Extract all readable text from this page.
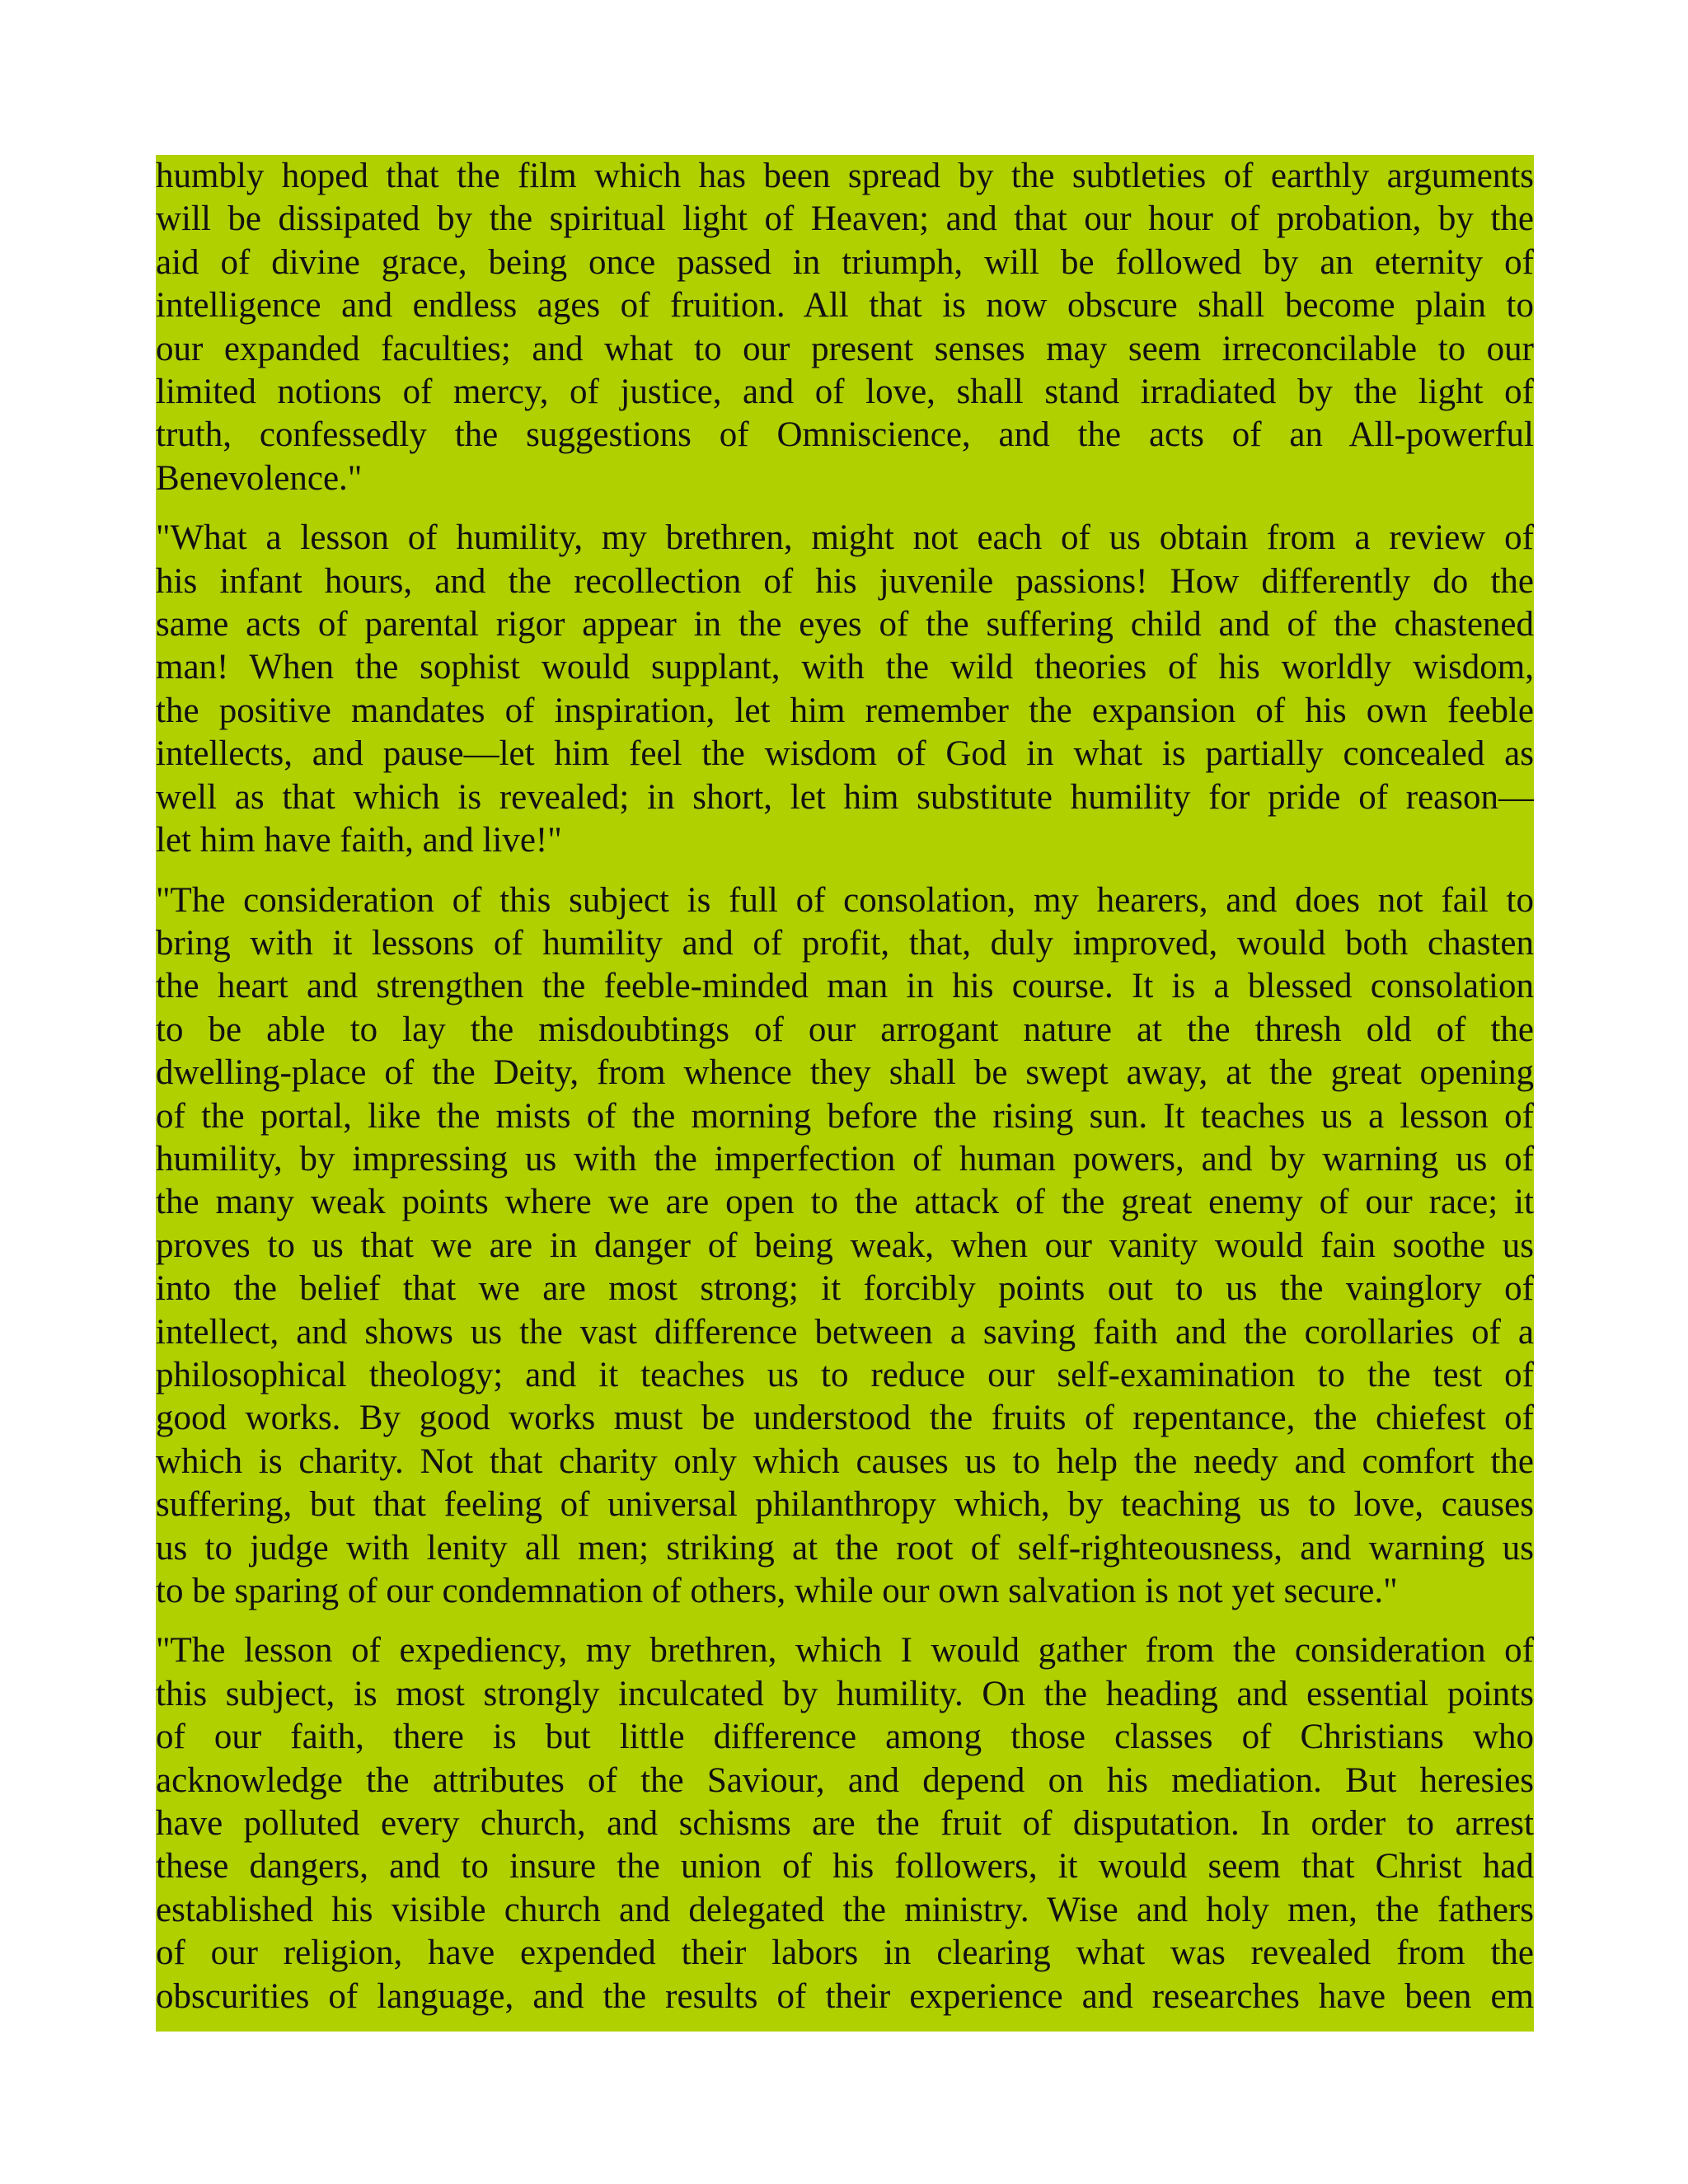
humbly hoped that the film which has been spread by the subtleties of earthly arguments
will be dissipated by the spiritual light of Heaven; and that our hour of probation, by the
aid of divine grace, being once passed in triumph, will be followed by an eternity of
intelligence and endless ages of fruition. All that is now obscure shall become plain to
our expanded faculties; and what to our present senses may seem irreconcilable to our
limited notions of mercy, of justice, and of love, shall stand irradiated by the light of
truth, confessedly the suggestions of Omniscience, and the acts of an All-powerful
Benevolence."

"What a lesson of humility, my brethren, might not each of us obtain from a review of
his infant hours, and the recollection of his juvenile passions! How differently do the
same acts of parental rigor appear in the eyes of the suffering child and of the chastened
man! When the sophist would supplant, with the wild theories of his worldly wisdom,
the positive mandates of inspiration, let him remember the expansion of his own feeble
intellects, and pause—let him feel the wisdom of God in what is partially concealed as
well as that which is revealed; in short, let him substitute humility for pride of reason—
let him have faith, and live!"

"The consideration of this subject is full of consolation, my hearers, and does not fail to
bring with it lessons of humility and of profit, that, duly improved, would both chasten
the heart and strengthen the feeble-minded man in his course. It is a blessed consolation
to be able to lay the misdoubtings of our arrogant nature at the thresh old of the
dwelling-place of the Deity, from whence they shall be swept away, at the great opening
of the portal, like the mists of the morning before the rising sun. It teaches us a lesson of
humility, by impressing us with the imperfection of human powers, and by warning us of
the many weak points where we are open to the attack of the great enemy of our race; it
proves to us that we are in danger of being weak, when our vanity would fain soothe us
into the belief that we are most strong; it forcibly points out to us the vainglory of
intellect, and shows us the vast difference between a saving faith and the corollaries of a
philosophical theology; and it teaches us to reduce our self-examination to the test of
good works. By good works must be understood the fruits of repentance, the chiefest of
which is charity. Not that charity only which causes us to help the needy and comfort the
suffering, but that feeling of universal philanthropy which, by teaching us to love, causes
us to judge with lenity all men; striking at the root of self-righteousness, and warning us
to be sparing of our condemnation of others, while our own salvation is not yet secure."

"The lesson of expediency, my brethren, which I would gather from the consideration of
this subject, is most strongly inculcated by humility. On the heading and essential points
of our faith, there is but little difference among those classes of Christians who
acknowledge the attributes of the Saviour, and depend on his mediation. But heresies
have polluted every church, and schisms are the fruit of disputation. In order to arrest
these dangers, and to insure the union of his followers, it would seem that Christ had
established his visible church and delegated the ministry. Wise and holy men, the fathers
of our religion, have expended their labors in clearing what was revealed from the
obscurities of language, and the results of their experience and researches have been em
